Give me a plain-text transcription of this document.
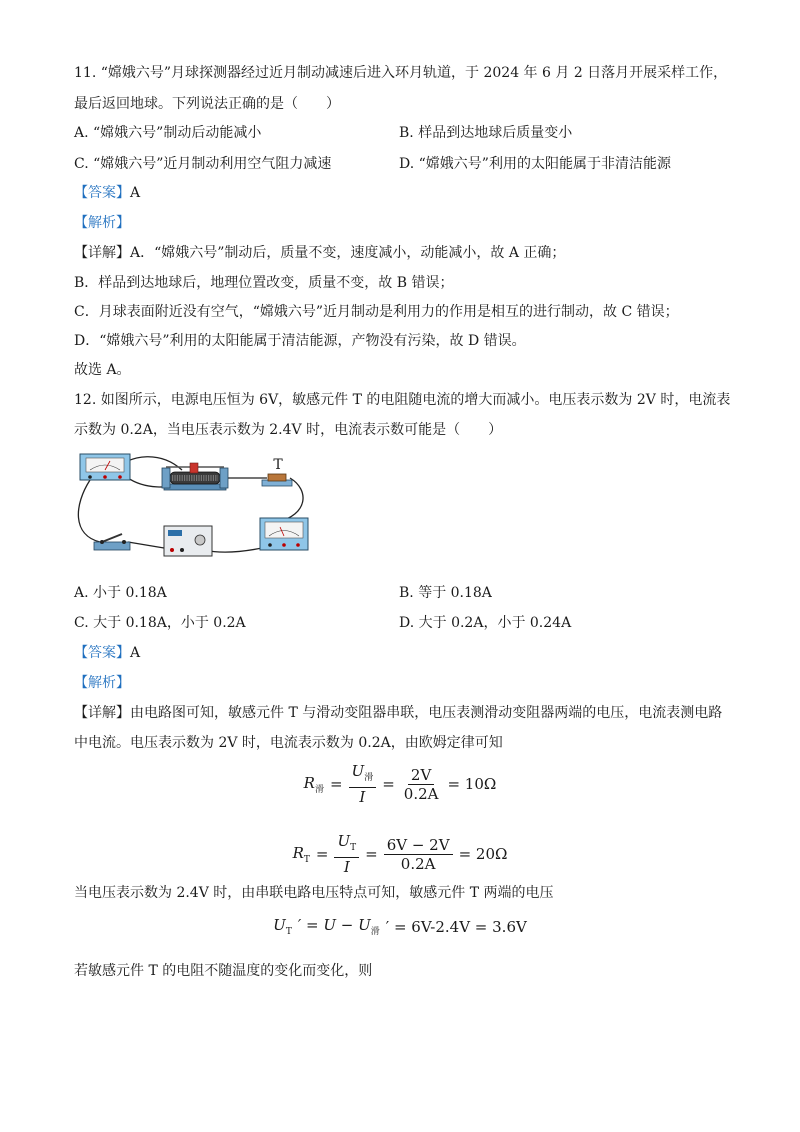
11. “嫦娥六号”月球探测器经过近月制动减速后进入环月轨道，于 2024 年 6 月 2 日落月开展采样工作，
最后返回地球。下列说法正确的是（　　）
A. “嫦娥六号”制动后动能减小	B. 样品到达地球后质量变小
C. “嫦娥六号”近月制动利用空气阻力减速	D. “嫦娥六号”利用的太阳能属于非清洁能源
【答案】A
【解析】
【详解】A．“嫦娥六号”制动后，质量不变，速度减小，动能减小，故 A 正确；
B．样品到达地球后，地理位置改变，质量不变，故 B 错误；
C．月球表面附近没有空气，“嫦娥六号”近月制动是利用力的作用是相互的进行制动，故 C 错误；
D．“嫦娥六号”利用的太阳能属于清洁能源，产物没有污染，故 D 错误。
故选 A。
12. 如图所示，电源电压恒为 6V，敏感元件 T 的电阻随电流的增大而减小。电压表示数为 2V 时，电流表
示数为 0.2A，当电压表示数为 2.4V 时，电流表示数可能是（　　）
T
A. 小于 0.18A	B. 等于 0.18A
C. 大于 0.18A，小于 0.2A	D. 大于 0.2A，小于 0.24A
【答案】A
【解析】
【详解】由电路图可知，敏感元件 T 与滑动变阻器串联，电压表测滑动变阻器两端的电压，电流表测电路
中电流。电压表示数为 2V 时，电流表示数为 0.2A，由欧姆定律可知
$R_滑 = \frac{U_滑}{I} = \frac{2V}{0.2A} = 10\Omega$
$R_T = \frac{U_T}{I} = \frac{6V - 2V}{0.2A} = 20\Omega$
当电压表示数为 2.4V 时，由串联电路电压特点可知，敏感元件 T 两端的电压
$U_T$ ′ = $U - U_滑$ ′ = 6V-2.4V = 3.6V
若敏感元件 T 的电阻不随温度的变化而变化，则
